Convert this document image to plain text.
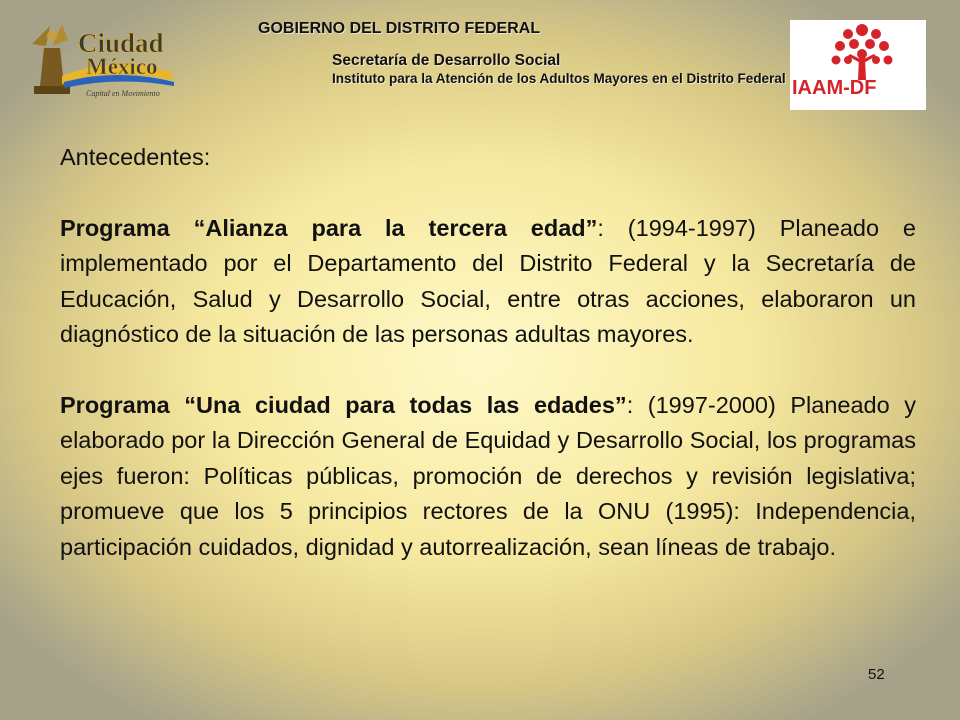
GOBIERNO DEL DISTRITO FEDERAL
Secretaría de Desarrollo Social
Instituto para la Atención de los Adultos Mayores en el Distrito Federal
Ciudad
México
Capital en Movimiento	IAAM-DF

Antecedentes:

Programa “Alianza para la tercera edad”: (1994-1997) Planeado e implementado por el Departamento del Distrito Federal y la Secretaría de Educación, Salud y Desarrollo Social, entre otras acciones, elaboraron un diagnóstico de la situación de las personas adultas mayores.

Programa “Una ciudad para todas las edades”: (1997-2000) Planeado y elaborado por la Dirección General de Equidad y Desarrollo Social, los programas ejes fueron: Políticas públicas, promoción de derechos y revisión legislativa; promueve que los 5 principios rectores de la ONU (1995): Independencia, participación cuidados, dignidad y autorrealización, sean líneas de trabajo.

52
